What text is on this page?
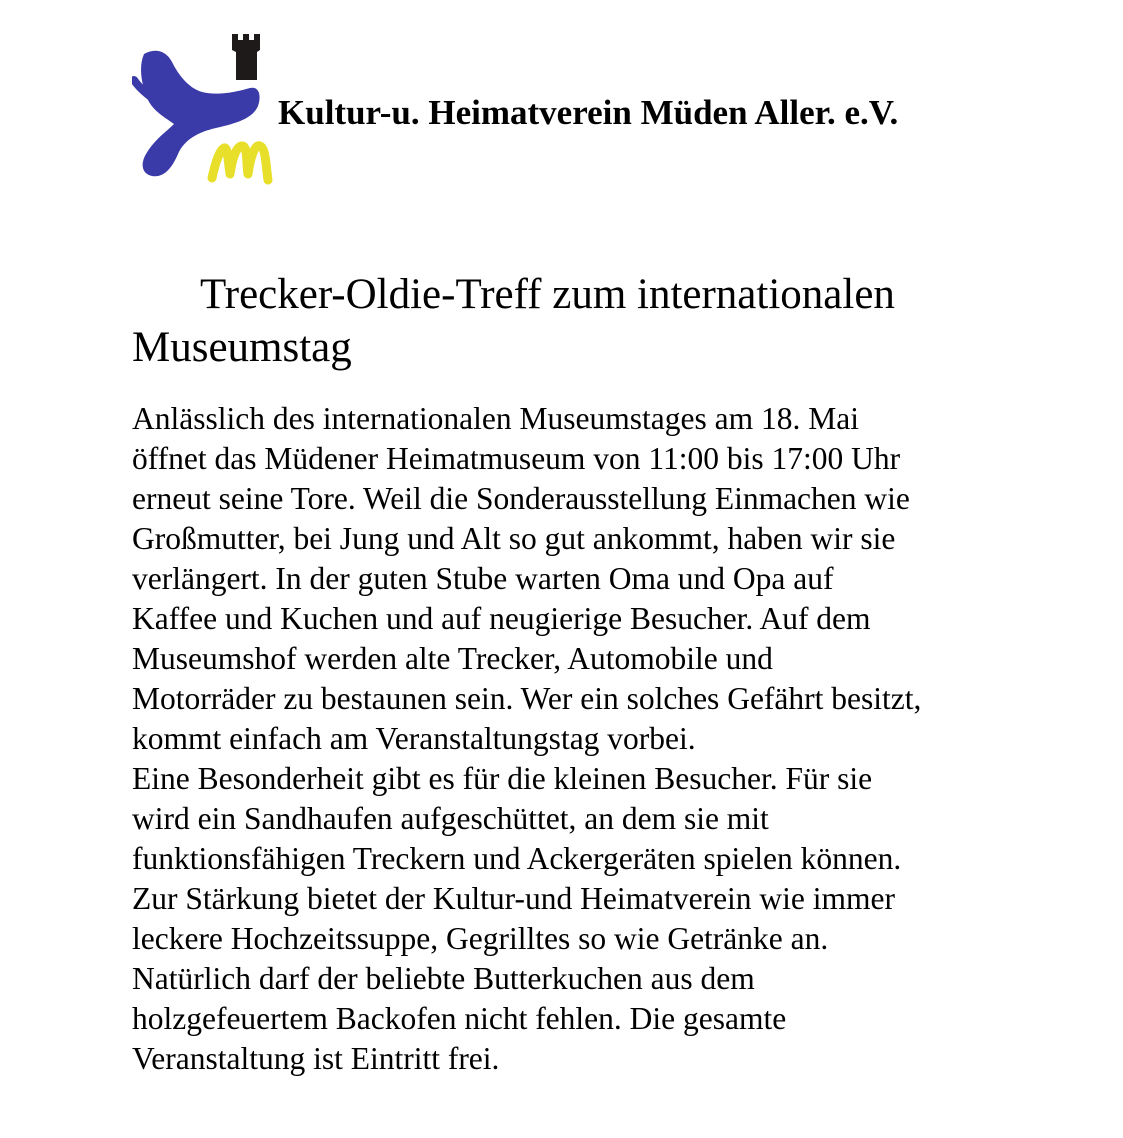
Kultur-u. Heimatverein Müden Aller. e.V.
Trecker-Oldie-Treff zum internationalen Museumstag
Anlässlich des internationalen Museumstages am 18. Mai
öffnet das Müdener Heimatmuseum von 11:00 bis 17:00 Uhr
erneut seine Tore. Weil die Sonderausstellung Einmachen wie
Großmutter, bei Jung und Alt so gut ankommt, haben wir sie
verlängert. In der guten Stube warten Oma und Opa auf
Kaffee und Kuchen und auf neugierige Besucher. Auf dem
Museumshof werden alte Trecker, Automobile und
Motorräder zu bestaunen sein. Wer ein solches Gefährt besitzt,
kommt einfach am Veranstaltungstag vorbei.
Eine Besonderheit gibt es für die kleinen Besucher. Für sie
wird ein Sandhaufen aufgeschüttet, an dem sie mit
funktionsfähigen Treckern und Ackergeräten spielen können.
Zur Stärkung bietet der Kultur-und Heimatverein wie immer
leckere Hochzeitssuppe, Gegrilltes so wie Getränke an.
Natürlich darf der beliebte Butterkuchen aus dem
holzgefeuertem Backofen nicht fehlen. Die gesamte
Veranstaltung ist Eintritt frei.
